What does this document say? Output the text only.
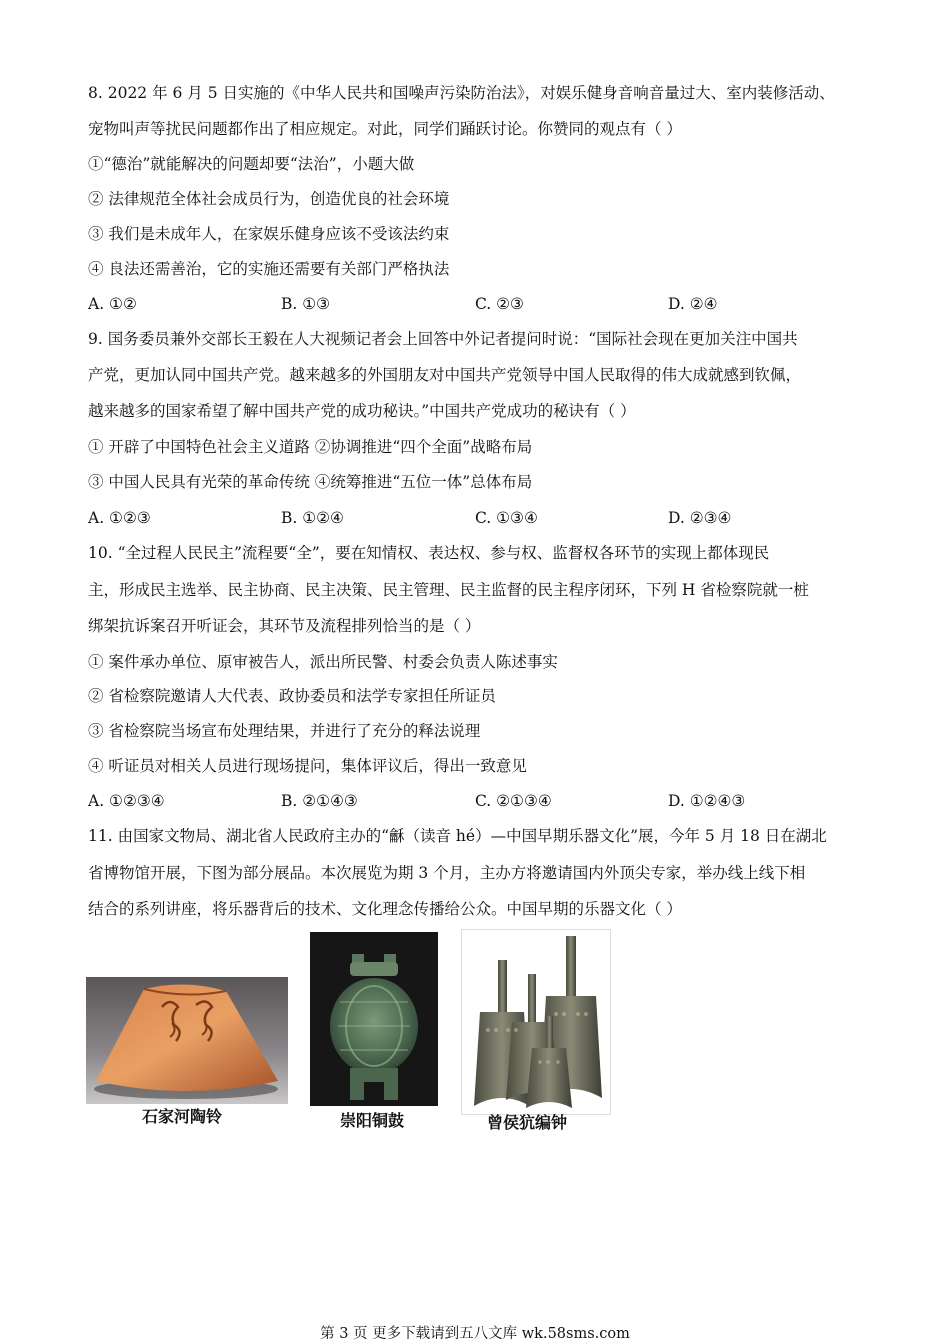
8. 2022 年 6 月 5 日实施的《中华人民共和国噪声污染防治法》，对娱乐健身音响音量过大、室内装修活动、
宠物叫声等扰民问题都作出了相应规定。对此，同学们踊跃讨论。你赞同的观点有（ ）
①“德治”就能解决的问题却要“法治”，小题大做
② 法律规范全体社会成员行为，创造优良的社会环境
③ 我们是未成年人，在家娱乐健身应该不受该法约束
④ 良法还需善治，它的实施还需要有关部门严格执法
A. ①②	B. ①③	C. ②③	D. ②④
9. 国务委员兼外交部长王毅在人大视频记者会上回答中外记者提问时说：“国际社会现在更加关注中国共
产党，更加认同中国共产党。越来越多的外国朋友对中国共产党领导中国人民取得的伟大成就感到钦佩，
越来越多的国家希望了解中国共产党的成功秘诀。”中国共产党成功的秘诀有（ ）
① 开辟了中国特色社会主义道路 ②协调推进“四个全面”战略布局
③ 中国人民具有光荣的革命传统 ④统筹推进“五位一体”总体布局
A. ①②③	B. ①②④	C. ①③④	D. ②③④
10. “全过程人民民主”流程要“全”，要在知情权、表达权、参与权、监督权各环节的实现上都体现民
主，形成民主选举、民主协商、民主决策、民主管理、民主监督的民主程序闭环，下列 H 省检察院就一桩
绑架抗诉案召开听证会，其环节及流程排列恰当的是（ ）
① 案件承办单位、原审被告人，派出所民警、村委会负责人陈述事实
② 省检察院邀请人大代表、政协委员和法学专家担任所证员
③ 省检察院当场宣布处理结果，并进行了充分的释法说理
④ 听证员对相关人员进行现场提问，集体评议后，得出一致意见
A. ①②③④	B. ②①④③	C. ②①③④	D. ①②④③
11. 由国家文物局、湖北省人民政府主办的“龢（读音 hé）—中国早期乐器文化”展，今年 5 月 18 日在湖北
省博物馆开展，下图为部分展品。本次展览为期 3 个月，主办方将邀请国内外顶尖专家，举办线上线下相
结合的系列讲座，将乐器背后的技术、文化理念传播给公众。中国早期的乐器文化（ ）
石家河陶铃	崇阳铜鼓	曾侯犺编钟
第 3 页 更多下载请到五八文库 wk.58sms.com
